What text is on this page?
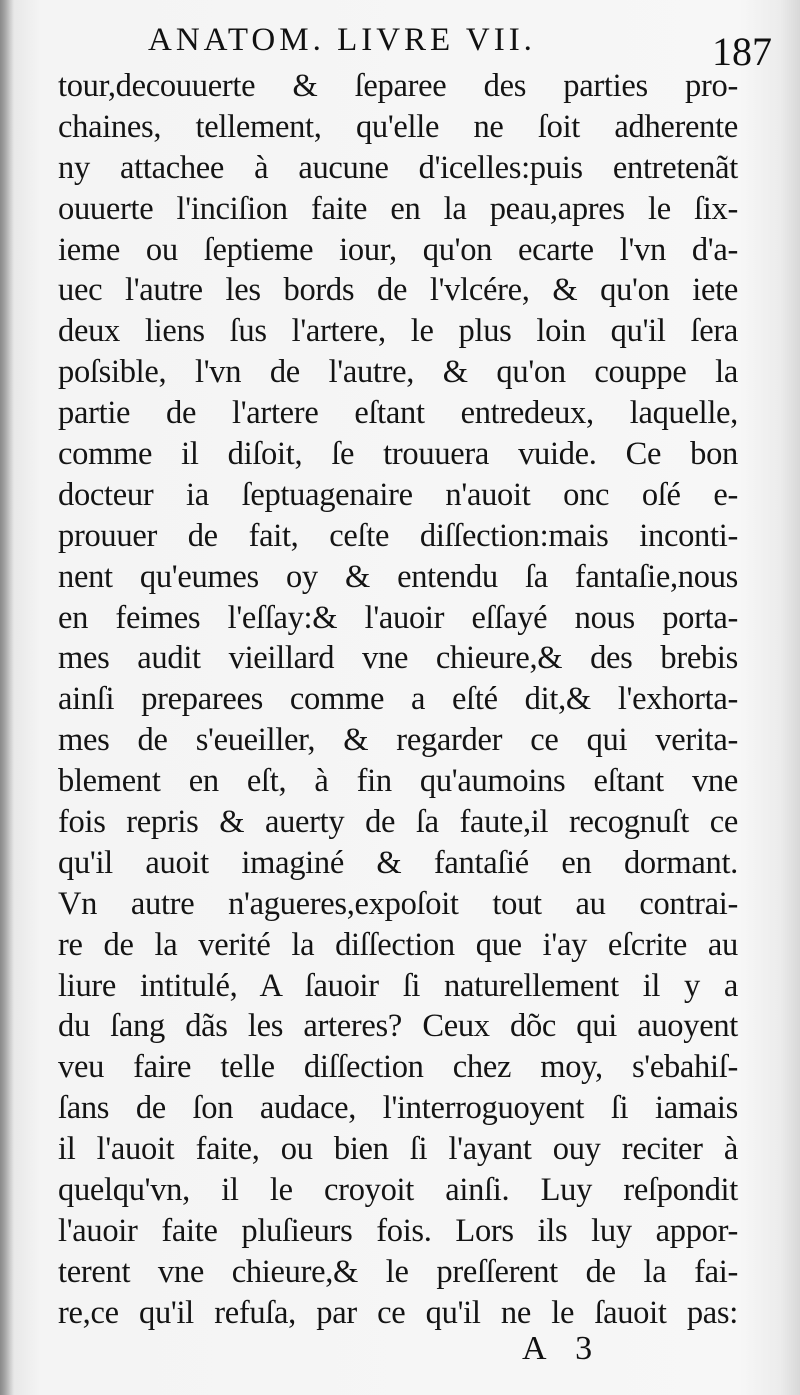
ANATOM. LIVRE VII.	187
tour,decouuerte & ſeparee des parties pro-
chaines, tellement, qu'elle ne ſoit adherente
ny attachee à aucune d'icelles:puis entretenãt
ouuerte l'inciſion faite en la peau,apres le ſix-
ieme ou ſeptieme iour, qu'on ecarte l'vn d'a-
uec l'autre les bords de l'vlcére, & qu'on iete
deux liens ſus l'artere, le plus loin qu'il ſera
poſsible, l'vn de l'autre, & qu'on couppe la
partie de l'artere eſtant entredeux, laquelle,
comme il diſoit, ſe trouuera vuide. Ce bon
docteur ia ſeptuagenaire n'auoit onc oſé e-
prouuer de fait, ceſte diſſection:mais inconti-
nent qu'eumes oy & entendu ſa fantaſie,nous
en feimes l'eſſay:& l'auoir eſſayé nous porta-
mes audit vieillard vne chieure,& des brebis
ainſi preparees comme a eſté dit,& l'exhorta-
mes de s'eueiller, & regarder ce qui verita-
blement en eſt, à fin qu'aumoins eſtant vne
fois repris & auerty de ſa faute,il recognuſt ce
qu'il auoit imaginé & fantaſié en dormant.
Vn autre n'agueres,expoſoit tout au contrai-
re de la verité la diſſection que i'ay eſcrite au
liure intitulé, A ſauoir ſi naturellement il y a
du ſang dãs les arteres? Ceux dõc qui auoyent
veu faire telle diſſection chez moy, s'ebahiſ-
ſans de ſon audace, l'interroguoyent ſi iamais
il l'auoit faite, ou bien ſi l'ayant ouy reciter à
quelqu'vn, il le croyoit ainſi. Luy reſpondit
l'auoir faite pluſieurs fois. Lors ils luy appor-
terent vne chieure,& le preſſerent de la fai-
re,ce qu'il refuſa, par ce qu'il ne le ſauoit pas:
A 3
